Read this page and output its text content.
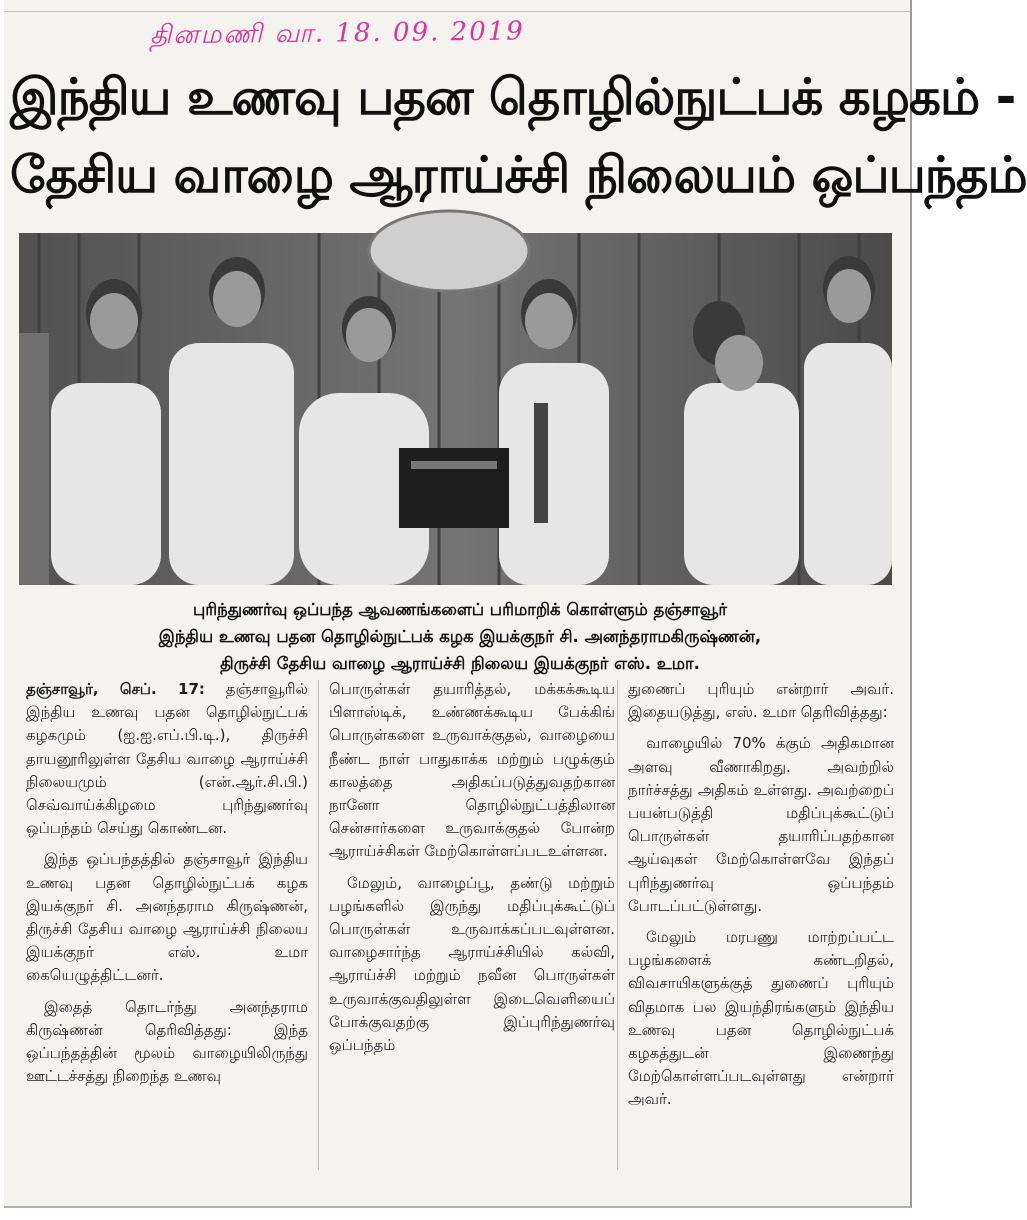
தினமணி வா. 18. 09. 2019
இந்திய உணவு பதன தொழில்நுட்பக் கழகம் -
தேசிய வாழை ஆராய்ச்சி நிலையம் ஒப்பந்தம்
புரிந்துணர்வு ஒப்பந்த ஆவணங்களைப் பரிமாறிக் கொள்ளும் தஞ்சாவூர்
இந்திய உணவு பதன தொழில்நுட்பக் கழக இயக்குநர் சி. அனந்தராமகிருஷ்ணன்,
திருச்சி தேசிய வாழை ஆராய்ச்சி நிலைய இயக்குநர் எஸ். உமா.

தஞ்சாவூர், செப். 17: தஞ்சாவூரில் இந்திய உணவு பதன தொழில்நுட்பக் கழகமும் (ஐ.ஐ.எப்.பி.டி.), திருச்சி தாயனூரிலுள்ள தேசிய வாழை ஆராய்ச்சி நிலையமும் (என்.ஆர்.சி.பி.) செவ்வாய்க்கிழமை புரிந்துணர்வு ஒப்பந்தம் செய்து கொண்டன.

இந்த ஒப்பந்தத்தில் தஞ்சாவூர் இந்திய உணவு பதன தொழில்நுட்பக் கழக இயக்குநர் சி. அனந்தராம கிருஷ்ணன், திருச்சி தேசிய வாழை ஆராய்ச்சி நிலைய இயக்குநர் எஸ். உமா கையெழுத்திட்டனர்.

இதைத் தொடர்ந்து அனந்தராம கிருஷ்ணன் தெரிவித்தது: இந்த ஒப்பந்தத்தின் மூலம் வாழையிலிருந்து ஊட்டச்சத்து நிறைந்த உணவு

பொருள்கள் தயாரித்தல், மக்கக்கூடிய பிளாஸ்டிக், உண்ணக்கூடிய பேக்கிங் பொருள்களை உருவாக்குதல், வாழையை நீண்ட நாள் பாதுகாக்க மற்றும் பழுக்கும் காலத்தை அதிகப்படுத்துவதற்கான நானோ தொழில்நுட்பத்திலான சென்சார்களை உருவாக்குதல் போன்ற ஆராய்ச்சிகள் மேற்கொள்ளப்படஉள்ளன.

மேலும், வாழைப்பூ, தண்டு மற்றும் பழங்களில் இருந்து மதிப்புக்கூட்டுப் பொருள்கள் உருவாக்கப்படவுள்ளன. வாழைசார்ந்த ஆராய்ச்சியில் கல்வி, ஆராய்ச்சி மற்றும் நவீன பொருள்கள் உருவாக்குவதிலுள்ள இடைவெளியைப் போக்குவதற்கு இப்புரிந்துணர்வு ஒப்பந்தம்

துணைப் புரியும் என்றார் அவர். இதையடுத்து, எஸ். உமா தெரிவித்தது:

வாழையில் 70% க்கும் அதிகமான அளவு வீணாகிறது. அவற்றில் நார்ச்சத்து அதிகம் உள்ளது. அவற்றைப் பயன்படுத்தி மதிப்புக்கூட்டுப் பொருள்கள் தயாரிப்பதற்கான ஆய்வுகள் மேற்கொள்ளவே இந்தப் புரிந்துணர்வு ஒப்பந்தம் போடப்பட்டுள்ளது.

மேலும் மரபணு மாற்றப்பட்ட பழங்களைக் கண்டறிதல், விவசாயிகளுக்குத் துணைப் புரியும் விதமாக பல இயந்திரங்களும் இந்திய உணவு பதன தொழில்நுட்பக் கழகத்துடன் இணைந்து மேற்கொள்ளப்படவுள்ளது என்றார் அவர்.
